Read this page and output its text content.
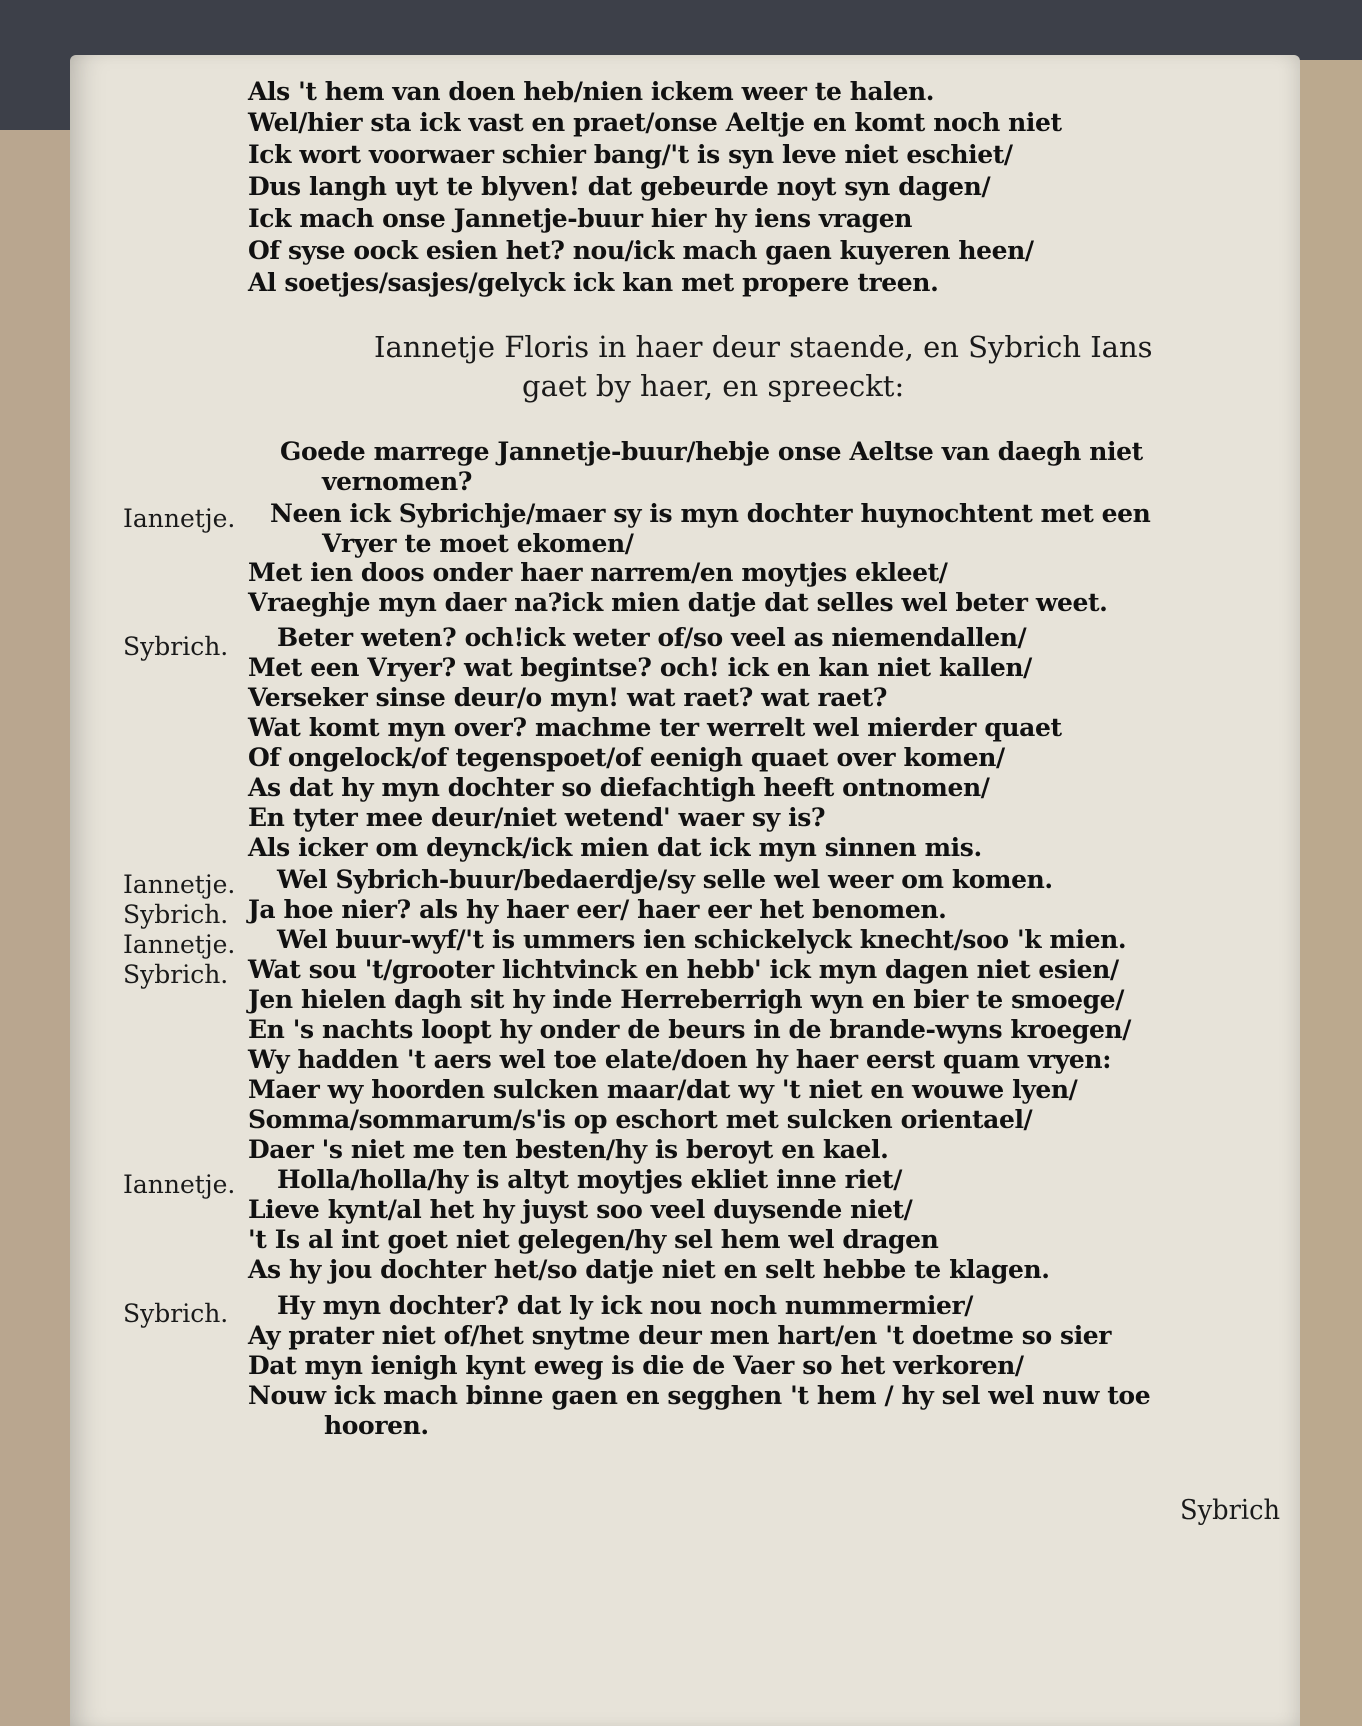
Als 't hem van doen heb/nien ickem weer te halen.
Wel/hier sta ick vast en praet/onse Aeltje en komt noch niet
Ick wort voorwaer schier bang/'t is syn leve niet eschiet/
Dus langh uyt te blyven! dat gebeurde noyt syn dagen/
Ick mach onse Jannetje-buur hier hy iens vragen
Of syse oock esien het? nou/ick mach gaen kuyeren heen/
Al soetjes/sasjes/gelyck ick kan met propere treen.
Iannetje Floris in haer deur staende, en Sybrich Ians
gaet by haer, en spreeckt:
Goede marrege Jannetje-buur/hebje onse Aeltse van daegh niet
vernomen?
Iannetje. Neen ick Sybrichje/maer sy is myn dochter huynochtent met een
Vryer te moet ekomen/
Met ien doos onder haer narrem/en moytjes ekleet/
Vraeghje myn daer na?ick mien datje dat selles wel beter weet.
Sybrich. Beter weten? och!ick weter of/so veel as niemendallen/
Met een Vryer? wat begintse? och! ick en kan niet kallen/
Verseker sinse deur/o myn! wat raet? wat raet?
Wat komt myn over? machme ter werrelt wel mierder quaet
Of ongelock/of tegenspoet/of eenigh quaet over komen/
As dat hy myn dochter so diefachtigh heeft ontnomen/
En tyter mee deur/niet wetend' waer sy is?
Als icker om deynck/ick mien dat ick myn sinnen mis.
Iannetje. Wel Sybrich-buur/bedaerdje/sy selle wel weer om komen.
Sybrich. Ja hoe nier? als hy haer eer/ haer eer het benomen.
Iannetje. Wel buur-wyf/'t is ummers ien schickelyck knecht/soo 'k mien.
Sybrich. Wat sou 't/grooter lichtvinck en hebb' ick myn dagen niet esien/
Jen hielen dagh sit hy inde Herreberrigh wyn en bier te smoege/
En 's nachts loopt hy onder de beurs in de brande-wyns kroegen/
Wy hadden 't aers wel toe elate/doen hy haer eerst quam vryen:
Maer wy hoorden sulcken maar/dat wy 't niet en wouwe lyen/
Somma/sommarum/s'is op eschort met sulcken orientael/
Daer 's niet me ten besten/hy is beroyt en kael.
Iannetje. Holla/holla/hy is altyt moytjes ekliet inne riet/
Lieve kynt/al het hy juyst soo veel duysende niet/
't Is al int goet niet gelegen/hy sel hem wel dragen
As hy jou dochter het/so datje niet en selt hebbe te klagen.
Sybrich. Hy myn dochter? dat ly ick nou noch nummermier/
Ay prater niet of/het snytme deur men hart/en 't doetme so sier
Dat myn ienigh kynt eweg is die de Vaer so het verkoren/
Nouw ick mach binne gaen en segghen 't hem / hy sel wel nuw toe
hooren.
Sybrich
